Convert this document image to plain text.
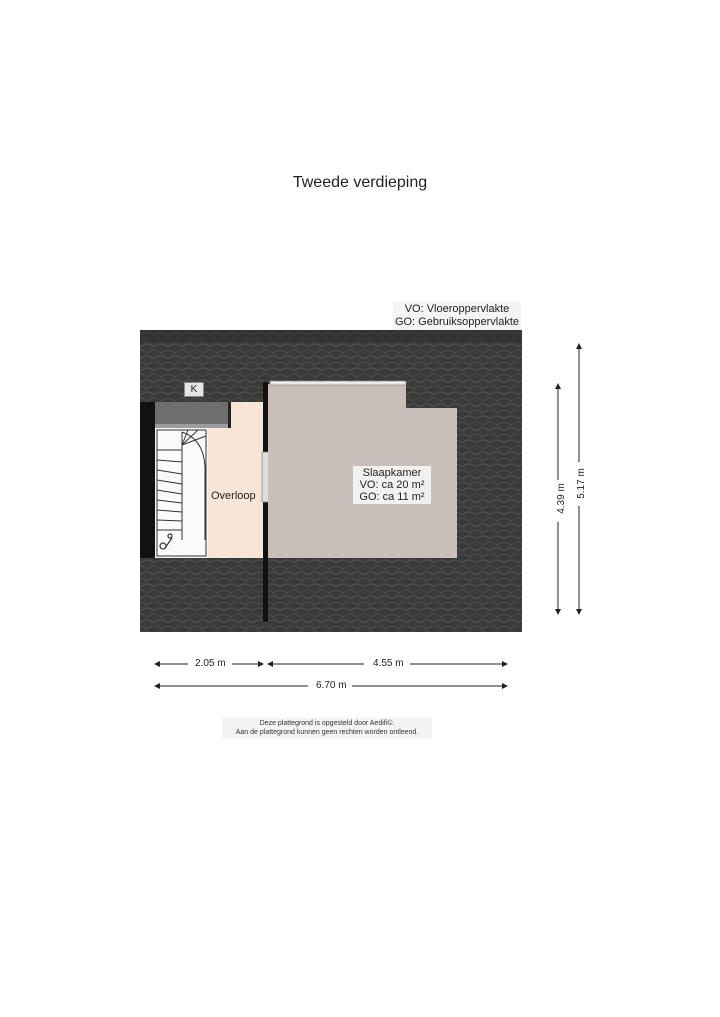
Tweede verdieping
VO: Vloeroppervlakte
GO: Gebruiksoppervlakte
K
Slaapkamer
VO: ca 20 m²
GO: ca 11 m²
Overloop
2.05 m	4.55 m
6.70 m
4.39 m 5.17 m
Deze plattegrond is opgesteld door Aedifi©.
Aan de plattegrond kunnen geen rechten worden ontleend.
